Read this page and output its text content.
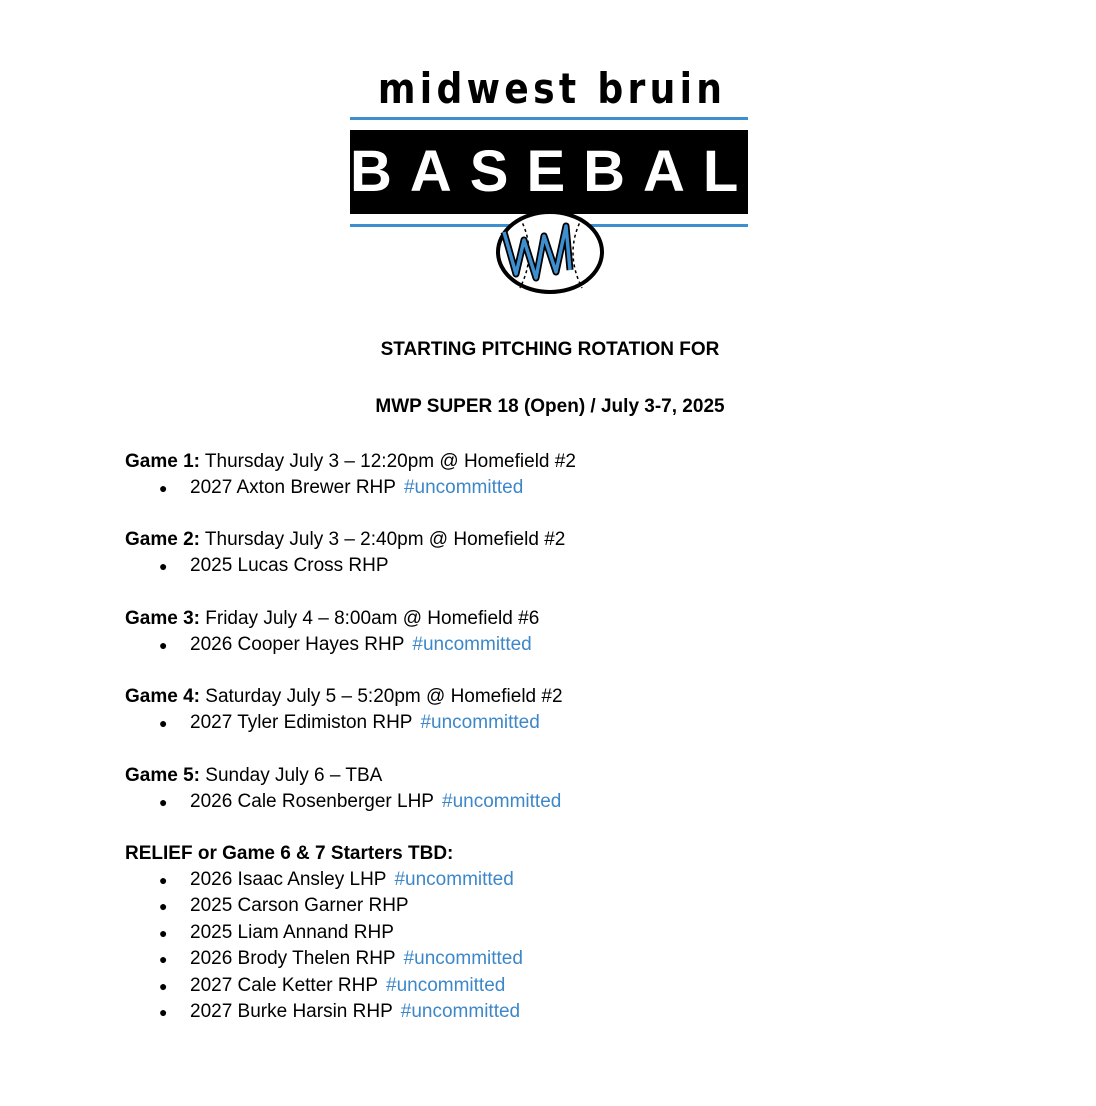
midwest bruin
BASEBALL
STARTING PITCHING ROTATION FOR
MWP SUPER 18 (Open) / July 3-7, 2025
Game 1: Thursday July 3 – 12:20pm @ Homefield #2
● 2027 Axton Brewer RHP #uncommitted
Game 2: Thursday July 3 – 2:40pm @ Homefield #2
● 2025 Lucas Cross RHP
Game 3: Friday July 4 – 8:00am @ Homefield #6
● 2026 Cooper Hayes RHP #uncommitted
Game 4: Saturday July 5 – 5:20pm @ Homefield #2
● 2027 Tyler Edimiston RHP #uncommitted
Game 5: Sunday July 6 – TBA
● 2026 Cale Rosenberger LHP #uncommitted
RELIEF or Game 6 & 7 Starters TBD:
● 2026 Isaac Ansley LHP #uncommitted
● 2025 Carson Garner RHP
● 2025 Liam Annand RHP
● 2026 Brody Thelen RHP #uncommitted
● 2027 Cale Ketter RHP #uncommitted
● 2027 Burke Harsin RHP #uncommitted
